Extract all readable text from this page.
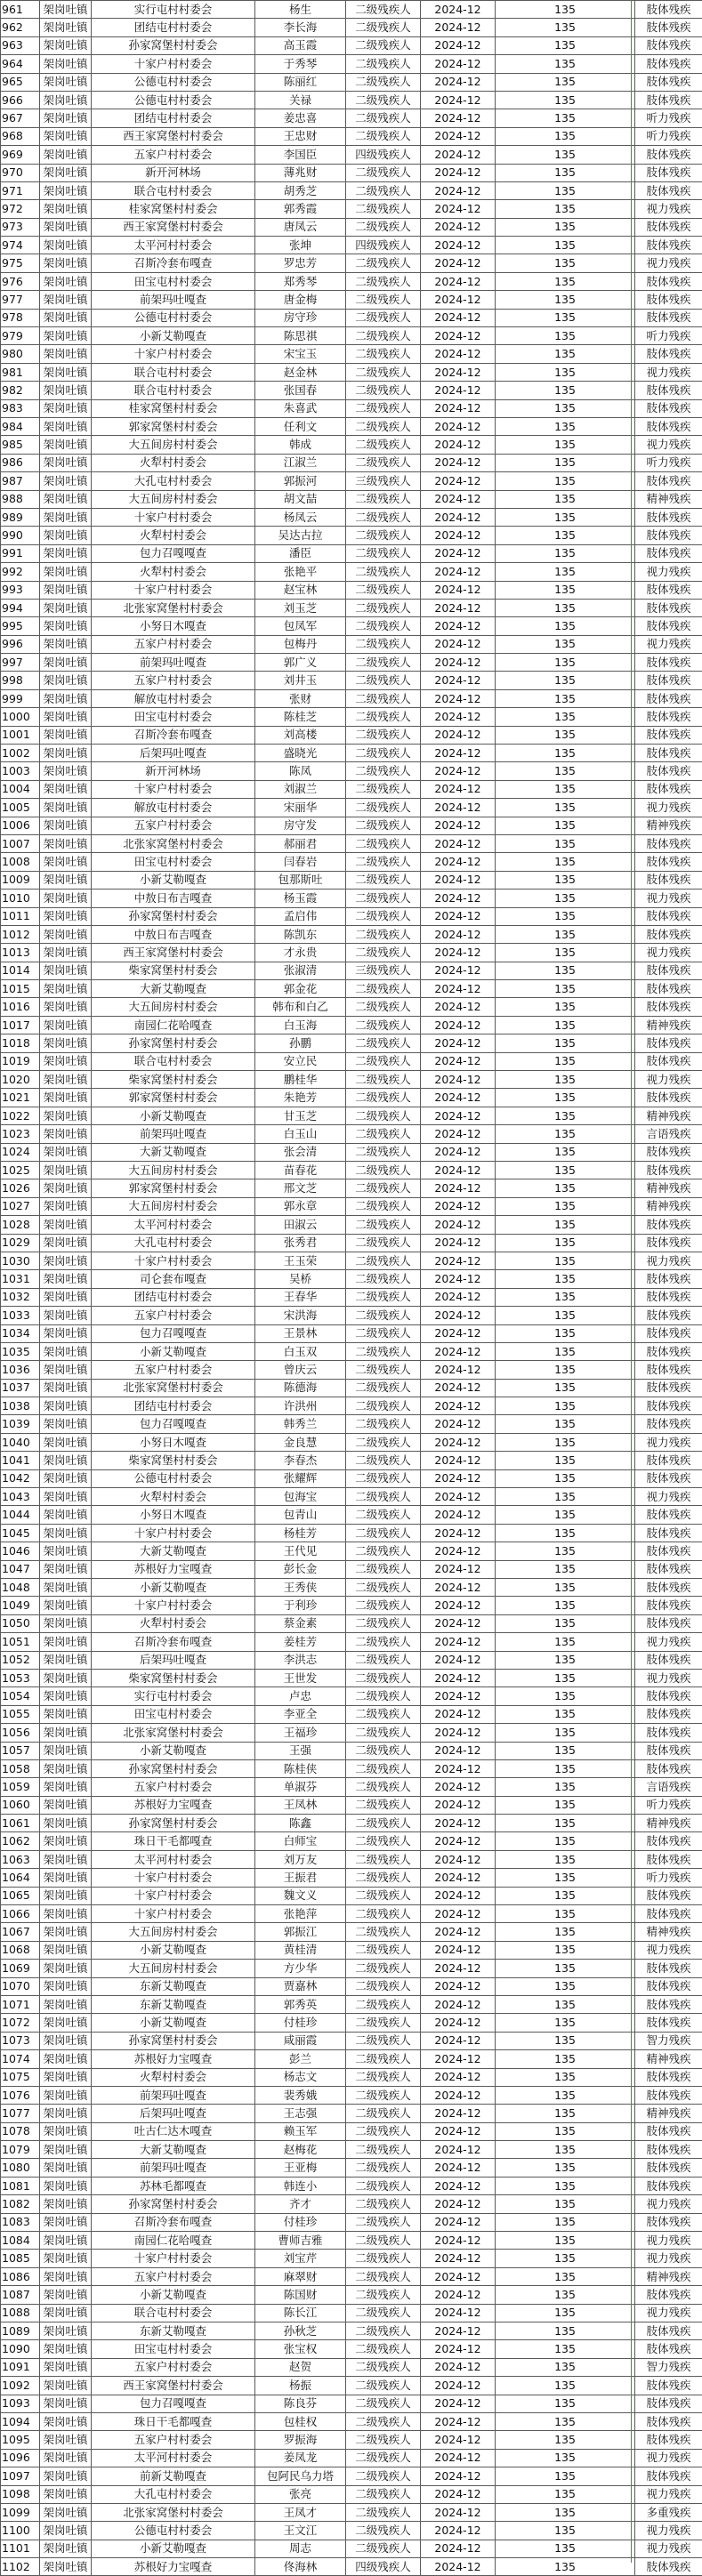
961	架岗吐镇	实行屯村村委会	杨生	二级残疾人	2024-12	135	肢体残疾
962	架岗吐镇	团结屯村村委会	李长海	二级残疾人	2024-12	135	肢体残疾
963	架岗吐镇	孙家窝堡村村委会	高玉霞	二级残疾人	2024-12	135	肢体残疾
964	架岗吐镇	十家户村村委会	于秀琴	二级残疾人	2024-12	135	肢体残疾
965	架岗吐镇	公德屯村村委会	陈丽红	二级残疾人	2024-12	135	肢体残疾
966	架岗吐镇	公德屯村村委会	关禄	二级残疾人	2024-12	135	肢体残疾
967	架岗吐镇	团结屯村村委会	姜忠喜	二级残疾人	2024-12	135	听力残疾
968	架岗吐镇	西王家窝堡村村委会	王忠财	二级残疾人	2024-12	135	听力残疾
969	架岗吐镇	五家户村村委会	李国臣	四级残疾人	2024-12	135	肢体残疾
970	架岗吐镇	新开河林场	薄兆财	二级残疾人	2024-12	135	肢体残疾
971	架岗吐镇	联合屯村村委会	胡秀芝	二级残疾人	2024-12	135	肢体残疾
972	架岗吐镇	桂家窝堡村村委会	郭秀霞	二级残疾人	2024-12	135	视力残疾
973	架岗吐镇	西王家窝堡村村委会	唐凤云	二级残疾人	2024-12	135	肢体残疾
974	架岗吐镇	太平河村村委会	张坤	四级残疾人	2024-12	135	肢体残疾
975	架岗吐镇	召斯冷套布嘎查	罗忠芳	二级残疾人	2024-12	135	视力残疾
976	架岗吐镇	田宝屯村村委会	郑秀琴	二级残疾人	2024-12	135	肢体残疾
977	架岗吐镇	前架玛吐嘎查	唐金梅	二级残疾人	2024-12	135	肢体残疾
978	架岗吐镇	公德屯村村委会	房守珍	二级残疾人	2024-12	135	肢体残疾
979	架岗吐镇	小新艾勒嘎查	陈思祺	二级残疾人	2024-12	135	听力残疾
980	架岗吐镇	十家户村村委会	宋宝玉	二级残疾人	2024-12	135	肢体残疾
981	架岗吐镇	联合屯村村委会	赵金林	二级残疾人	2024-12	135	视力残疾
982	架岗吐镇	联合屯村村委会	张国春	二级残疾人	2024-12	135	肢体残疾
983	架岗吐镇	桂家窝堡村村委会	朱喜武	二级残疾人	2024-12	135	肢体残疾
984	架岗吐镇	郭家窝堡村村委会	任利文	二级残疾人	2024-12	135	肢体残疾
985	架岗吐镇	大五间房村村委会	韩成	二级残疾人	2024-12	135	视力残疾
986	架岗吐镇	火犁村村委会	江淑兰	二级残疾人	2024-12	135	听力残疾
987	架岗吐镇	大孔屯村村委会	郭振河	三级残疾人	2024-12	135	肢体残疾
988	架岗吐镇	大五间房村村委会	胡文喆	二级残疾人	2024-12	135	精神残疾
989	架岗吐镇	十家户村村委会	杨凤云	二级残疾人	2024-12	135	肢体残疾
990	架岗吐镇	火犁村村委会	吴达古拉	二级残疾人	2024-12	135	肢体残疾
991	架岗吐镇	包力召嘎嘎查	潘臣	二级残疾人	2024-12	135	肢体残疾
992	架岗吐镇	火犁村村委会	张艳平	二级残疾人	2024-12	135	视力残疾
993	架岗吐镇	十家户村村委会	赵宝林	二级残疾人	2024-12	135	肢体残疾
994	架岗吐镇	北张家窝堡村村委会	刘玉芝	二级残疾人	2024-12	135	肢体残疾
995	架岗吐镇	小努日木嘎查	包凤军	二级残疾人	2024-12	135	肢体残疾
996	架岗吐镇	五家户村村委会	包梅丹	二级残疾人	2024-12	135	视力残疾
997	架岗吐镇	前架玛吐嘎查	郭广义	二级残疾人	2024-12	135	肢体残疾
998	架岗吐镇	五家户村村委会	刘井玉	二级残疾人	2024-12	135	肢体残疾
999	架岗吐镇	解放屯村村委会	张财	二级残疾人	2024-12	135	肢体残疾
1000	架岗吐镇	田宝屯村村委会	陈桂芝	二级残疾人	2024-12	135	肢体残疾
1001	架岗吐镇	召斯冷套布嘎查	刘高楼	二级残疾人	2024-12	135	肢体残疾
1002	架岗吐镇	后架玛吐嘎查	盛晓光	二级残疾人	2024-12	135	肢体残疾
1003	架岗吐镇	新开河林场	陈凤	二级残疾人	2024-12	135	肢体残疾
1004	架岗吐镇	十家户村村委会	刘淑兰	二级残疾人	2024-12	135	肢体残疾
1005	架岗吐镇	解放屯村村委会	宋丽华	二级残疾人	2024-12	135	视力残疾
1006	架岗吐镇	五家户村村委会	房守发	二级残疾人	2024-12	135	精神残疾
1007	架岗吐镇	北张家窝堡村村委会	郝丽君	二级残疾人	2024-12	135	肢体残疾
1008	架岗吐镇	田宝屯村村委会	闫春岩	二级残疾人	2024-12	135	肢体残疾
1009	架岗吐镇	小新艾勒嘎查	包那斯吐	二级残疾人	2024-12	135	肢体残疾
1010	架岗吐镇	中敖日布吉嘎查	杨玉霞	二级残疾人	2024-12	135	视力残疾
1011	架岗吐镇	孙家窝堡村村委会	孟启伟	二级残疾人	2024-12	135	肢体残疾
1012	架岗吐镇	中敖日布吉嘎查	陈凯东	二级残疾人	2024-12	135	肢体残疾
1013	架岗吐镇	西王家窝堡村村委会	才永贵	二级残疾人	2024-12	135	视力残疾
1014	架岗吐镇	柴家窝堡村村委会	张淑清	三级残疾人	2024-12	135	肢体残疾
1015	架岗吐镇	大新艾勒嘎查	郭金花	二级残疾人	2024-12	135	肢体残疾
1016	架岗吐镇	大五间房村村委会	韩布和白乙	二级残疾人	2024-12	135	肢体残疾
1017	架岗吐镇	南园仁花哈嘎查	白玉海	二级残疾人	2024-12	135	精神残疾
1018	架岗吐镇	孙家窝堡村村委会	孙鹏	二级残疾人	2024-12	135	肢体残疾
1019	架岗吐镇	联合屯村村委会	安立民	二级残疾人	2024-12	135	肢体残疾
1020	架岗吐镇	柴家窝堡村村委会	鹏桂华	二级残疾人	2024-12	135	视力残疾
1021	架岗吐镇	郭家窝堡村村委会	朱艳芳	二级残疾人	2024-12	135	肢体残疾
1022	架岗吐镇	小新艾勒嘎查	甘玉芝	二级残疾人	2024-12	135	精神残疾
1023	架岗吐镇	前架玛吐嘎查	白玉山	二级残疾人	2024-12	135	言语残疾
1024	架岗吐镇	大新艾勒嘎查	张会清	二级残疾人	2024-12	135	肢体残疾
1025	架岗吐镇	大五间房村村委会	苗春花	二级残疾人	2024-12	135	肢体残疾
1026	架岗吐镇	郭家窝堡村村委会	邢文芝	二级残疾人	2024-12	135	精神残疾
1027	架岗吐镇	大五间房村村委会	郭永章	二级残疾人	2024-12	135	精神残疾
1028	架岗吐镇	太平河村村委会	田淑云	二级残疾人	2024-12	135	肢体残疾
1029	架岗吐镇	大孔屯村村委会	张秀君	二级残疾人	2024-12	135	肢体残疾
1030	架岗吐镇	十家户村村委会	王玉荣	二级残疾人	2024-12	135	视力残疾
1031	架岗吐镇	司仑套布嘎查	吴桥	二级残疾人	2024-12	135	肢体残疾
1032	架岗吐镇	团结屯村村委会	王春华	二级残疾人	2024-12	135	肢体残疾
1033	架岗吐镇	五家户村村委会	宋洪海	二级残疾人	2024-12	135	肢体残疾
1034	架岗吐镇	包力召嘎嘎查	王景林	二级残疾人	2024-12	135	肢体残疾
1035	架岗吐镇	小新艾勒嘎查	白玉双	二级残疾人	2024-12	135	肢体残疾
1036	架岗吐镇	五家户村村委会	曾庆云	二级残疾人	2024-12	135	肢体残疾
1037	架岗吐镇	北张家窝堡村村委会	陈德海	二级残疾人	2024-12	135	肢体残疾
1038	架岗吐镇	团结屯村村委会	许洪州	二级残疾人	2024-12	135	肢体残疾
1039	架岗吐镇	包力召嘎嘎查	韩秀兰	二级残疾人	2024-12	135	肢体残疾
1040	架岗吐镇	小努日木嘎查	金良慧	二级残疾人	2024-12	135	视力残疾
1041	架岗吐镇	柴家窝堡村村委会	李春杰	二级残疾人	2024-12	135	肢体残疾
1042	架岗吐镇	公德屯村村委会	张耀辉	二级残疾人	2024-12	135	肢体残疾
1043	架岗吐镇	火犁村村委会	包海宝	二级残疾人	2024-12	135	视力残疾
1044	架岗吐镇	小努日木嘎查	包青山	二级残疾人	2024-12	135	肢体残疾
1045	架岗吐镇	十家户村村委会	杨桂芳	二级残疾人	2024-12	135	肢体残疾
1046	架岗吐镇	大新艾勒嘎查	王代见	二级残疾人	2024-12	135	肢体残疾
1047	架岗吐镇	苏根好力宝嘎查	彭长金	二级残疾人	2024-12	135	肢体残疾
1048	架岗吐镇	小新艾勒嘎查	王秀侠	二级残疾人	2024-12	135	肢体残疾
1049	架岗吐镇	十家户村村委会	于利珍	二级残疾人	2024-12	135	肢体残疾
1050	架岗吐镇	火犁村村委会	蔡金素	二级残疾人	2024-12	135	肢体残疾
1051	架岗吐镇	召斯冷套布嘎查	姜桂芳	二级残疾人	2024-12	135	视力残疾
1052	架岗吐镇	后架玛吐嘎查	李洪志	二级残疾人	2024-12	135	肢体残疾
1053	架岗吐镇	柴家窝堡村村委会	王世发	二级残疾人	2024-12	135	视力残疾
1054	架岗吐镇	实行屯村村委会	卢忠	二级残疾人	2024-12	135	肢体残疾
1055	架岗吐镇	田宝屯村村委会	李亚全	二级残疾人	2024-12	135	肢体残疾
1056	架岗吐镇	北张家窝堡村村委会	王福珍	二级残疾人	2024-12	135	肢体残疾
1057	架岗吐镇	小新艾勒嘎查	王强	二级残疾人	2024-12	135	肢体残疾
1058	架岗吐镇	孙家窝堡村村委会	陈桂侠	二级残疾人	2024-12	135	肢体残疾
1059	架岗吐镇	五家户村村委会	单淑芬	二级残疾人	2024-12	135	言语残疾
1060	架岗吐镇	苏根好力宝嘎查	王凤林	二级残疾人	2024-12	135	听力残疾
1061	架岗吐镇	孙家窝堡村村委会	陈鑫	二级残疾人	2024-12	135	精神残疾
1062	架岗吐镇	珠日干毛都嘎查	白师宝	二级残疾人	2024-12	135	肢体残疾
1063	架岗吐镇	太平河村村委会	刘万友	二级残疾人	2024-12	135	肢体残疾
1064	架岗吐镇	十家户村村委会	王振君	二级残疾人	2024-12	135	听力残疾
1065	架岗吐镇	十家户村村委会	魏文义	二级残疾人	2024-12	135	肢体残疾
1066	架岗吐镇	十家户村村委会	张艳萍	二级残疾人	2024-12	135	肢体残疾
1067	架岗吐镇	大五间房村村委会	郭振江	二级残疾人	2024-12	135	精神残疾
1068	架岗吐镇	小新艾勒嘎查	黄桂清	二级残疾人	2024-12	135	视力残疾
1069	架岗吐镇	大五间房村村委会	方少华	二级残疾人	2024-12	135	肢体残疾
1070	架岗吐镇	东新艾勒嘎查	贾嘉林	二级残疾人	2024-12	135	肢体残疾
1071	架岗吐镇	东新艾勒嘎查	郭秀英	二级残疾人	2024-12	135	肢体残疾
1072	架岗吐镇	小新艾勒嘎查	付桂珍	二级残疾人	2024-12	135	肢体残疾
1073	架岗吐镇	孙家窝堡村村委会	咸丽霞	二级残疾人	2024-12	135	智力残疾
1074	架岗吐镇	苏根好力宝嘎查	彭兰	二级残疾人	2024-12	135	精神残疾
1075	架岗吐镇	火犁村村委会	杨志文	二级残疾人	2024-12	135	肢体残疾
1076	架岗吐镇	前架玛吐嘎查	裴秀娥	二级残疾人	2024-12	135	肢体残疾
1077	架岗吐镇	后架玛吐嘎查	王志强	二级残疾人	2024-12	135	精神残疾
1078	架岗吐镇	吐古仁达木嘎查	赖玉军	二级残疾人	2024-12	135	肢体残疾
1079	架岗吐镇	大新艾勒嘎查	赵梅花	二级残疾人	2024-12	135	肢体残疾
1080	架岗吐镇	前架玛吐嘎查	王亚梅	二级残疾人	2024-12	135	肢体残疾
1081	架岗吐镇	苏林毛都嘎查	韩连小	二级残疾人	2024-12	135	肢体残疾
1082	架岗吐镇	孙家窝堡村村委会	齐才	二级残疾人	2024-12	135	视力残疾
1083	架岗吐镇	召斯冷套布嘎查	付桂珍	二级残疾人	2024-12	135	肢体残疾
1084	架岗吐镇	南园仁花哈嘎查	曹师吉雅	二级残疾人	2024-12	135	视力残疾
1085	架岗吐镇	十家户村村委会	刘宝芹	二级残疾人	2024-12	135	视力残疾
1086	架岗吐镇	五家户村村委会	麻翠财	二级残疾人	2024-12	135	精神残疾
1087	架岗吐镇	小新艾勒嘎查	陈国财	二级残疾人	2024-12	135	肢体残疾
1088	架岗吐镇	联合屯村村委会	陈长江	二级残疾人	2024-12	135	视力残疾
1089	架岗吐镇	东新艾勒嘎查	孙秋芝	二级残疾人	2024-12	135	肢体残疾
1090	架岗吐镇	田宝屯村村委会	张宝权	二级残疾人	2024-12	135	肢体残疾
1091	架岗吐镇	五家户村村委会	赵贺	二级残疾人	2024-12	135	智力残疾
1092	架岗吐镇	西王家窝堡村村委会	杨振	二级残疾人	2024-12	135	肢体残疾
1093	架岗吐镇	包力召嘎嘎查	陈良芬	二级残疾人	2024-12	135	肢体残疾
1094	架岗吐镇	珠日干毛都嘎查	包桂权	二级残疾人	2024-12	135	肢体残疾
1095	架岗吐镇	五家户村村委会	罗振海	二级残疾人	2024-12	135	肢体残疾
1096	架岗吐镇	太平河村村委会	姜凤龙	二级残疾人	2024-12	135	视力残疾
1097	架岗吐镇	前新艾勒嘎查	包阿民乌力塔	二级残疾人	2024-12	135	肢体残疾
1098	架岗吐镇	大孔屯村村委会	张亮	二级残疾人	2024-12	135	视力残疾
1099	架岗吐镇	北张家窝堡村村委会	王凤才	二级残疾人	2024-12	135	多重残疾
1100	架岗吐镇	公德屯村村委会	王文江	二级残疾人	2024-12	135	视力残疾
1101	架岗吐镇	小新艾勒嘎查	周志	二级残疾人	2024-12	135	视力残疾
1102	架岗吐镇	苏根好力宝嘎查	佟海林	四级残疾人	2024-12	135	肢体残疾
